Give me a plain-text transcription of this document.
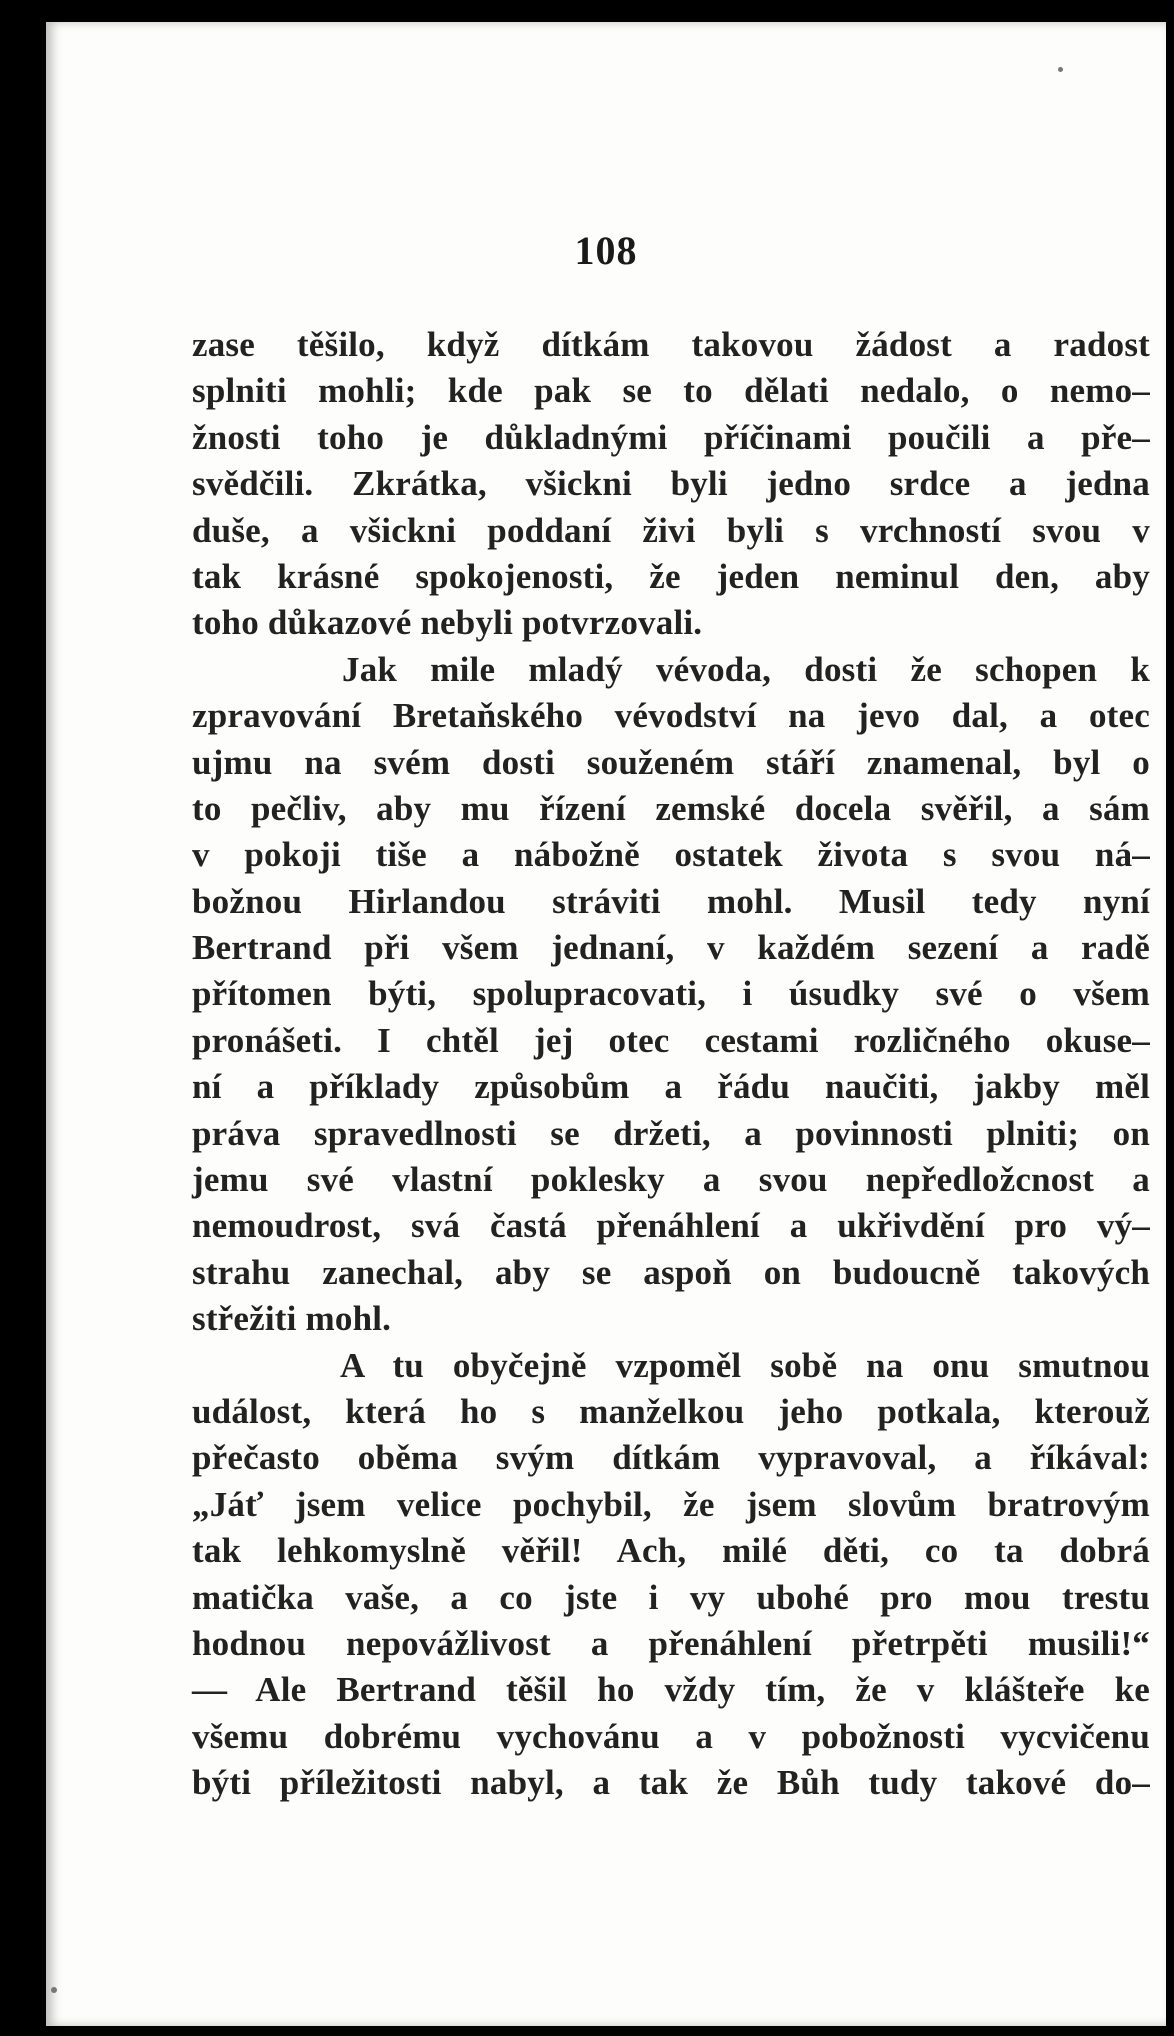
108
zase těšilo, když dítkám takovou žádost a radost
splniti mohli; kde pak se to dělati nedalo, o nemo–
žnosti toho je důkladnými příčinami poučili a pře–
svědčili. Zkrátka, všickni byli jedno srdce a jedna
duše, a všickni poddaní živi byli s vrchností svou v
tak krásné spokojenosti, že jeden neminul den, aby
toho důkazové nebyli potvrzovali.
Jak mile mladý vévoda, dosti že schopen k
zpravování Bretaňského vévodství na jevo dal, a otec
ujmu na svém dosti souženém stáří znamenal, byl o
to pečliv, aby mu řízení zemské docela svěřil, a sám
v pokoji tiše a nábožně ostatek života s svou ná–
božnou Hirlandou stráviti mohl. Musil tedy nyní
Bertrand při všem jednaní, v každém sezení a radě
přítomen býti, spolupracovati, i úsudky své o všem
pronášeti. I chtěl jej otec cestami rozličného okuse–
ní a příklady způsobům a řádu naučiti, jakby měl
práva spravedlnosti se držeti, a povinnosti plniti; on
jemu své vlastní poklesky a svou nepředložcnost a
nemoudrost, svá častá přenáhlení a ukřivdění pro vý–
strahu zanechal, aby se aspoň on budoucně takových
střežiti mohl.
A tu obyčejně vzpoměl sobě na onu smutnou
událost, která ho s manželkou jeho potkala, kterouž
přečasto oběma svým dítkám vypravoval, a říkával:
„Jáť jsem velice pochybil, že jsem slovům bratrovým
tak lehkomyslně věřil! Ach, milé děti, co ta dobrá
matička vaše, a co jste i vy ubohé pro mou trestu
hodnou nepovážlivost a přenáhlení přetrpěti musili!“
— Ale Bertrand těšil ho vždy tím, že v klášteře ke
všemu dobrému vychovánu a v pobožnosti vycvičenu
býti příležitosti nabyl, a tak že Bůh tudy takové do–
